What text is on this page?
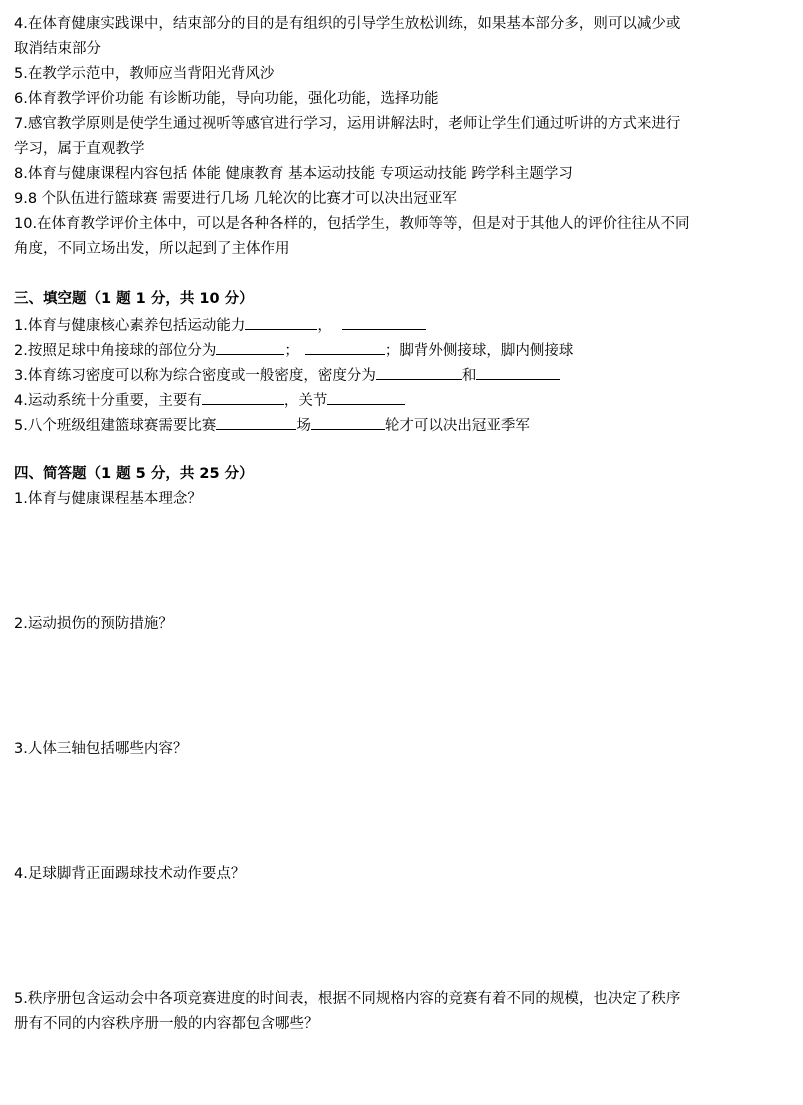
4.在体育健康实践课中，结束部分的目的是有组织的引导学生放松训练，如果基本部分多，则可以减少或
取消结束部分
5.在教学示范中，教师应当背阳光背风沙
6.体育教学评价功能 有诊断功能，导向功能，强化功能，选择功能
7.感官教学原则是使学生通过视听等感官进行学习，运用讲解法时，老师让学生们通过听讲的方式来进行
学习，属于直观教学
8.体育与健康课程内容包括 体能 健康教育 基本运动技能 专项运动技能 跨学科主题学习
9.8 个队伍进行篮球赛 需要进行几场 几轮次的比赛才可以决出冠亚军
10.在体育教学评价主体中，可以是各种各样的，包括学生，教师等等，但是对于其他人的评价往往从不同
角度，不同立场出发，所以起到了主体作用
三、填空题（1 题 1 分，共 10 分）
1.体育与健康核心素养包括运动能力	，
2.按照足球中角接球的部位分为	；	；脚背外侧接球，脚内侧接球
3.体育练习密度可以称为综合密度或一般密度，密度分为	和
4.运动系统十分重要，主要有	，关节
5.八个班级组建篮球赛需要比赛	场	轮才可以决出冠亚季军
四、简答题（1 题 5 分，共 25 分）
1.体育与健康课程基本理念？
2.运动损伤的预防措施？
3.人体三轴包括哪些内容？
4.足球脚背正面踢球技术动作要点？
5.秩序册包含运动会中各项竞赛进度的时间表，根据不同规格内容的竞赛有着不同的规模，也决定了秩序
册有不同的内容秩序册一般的内容都包含哪些？
